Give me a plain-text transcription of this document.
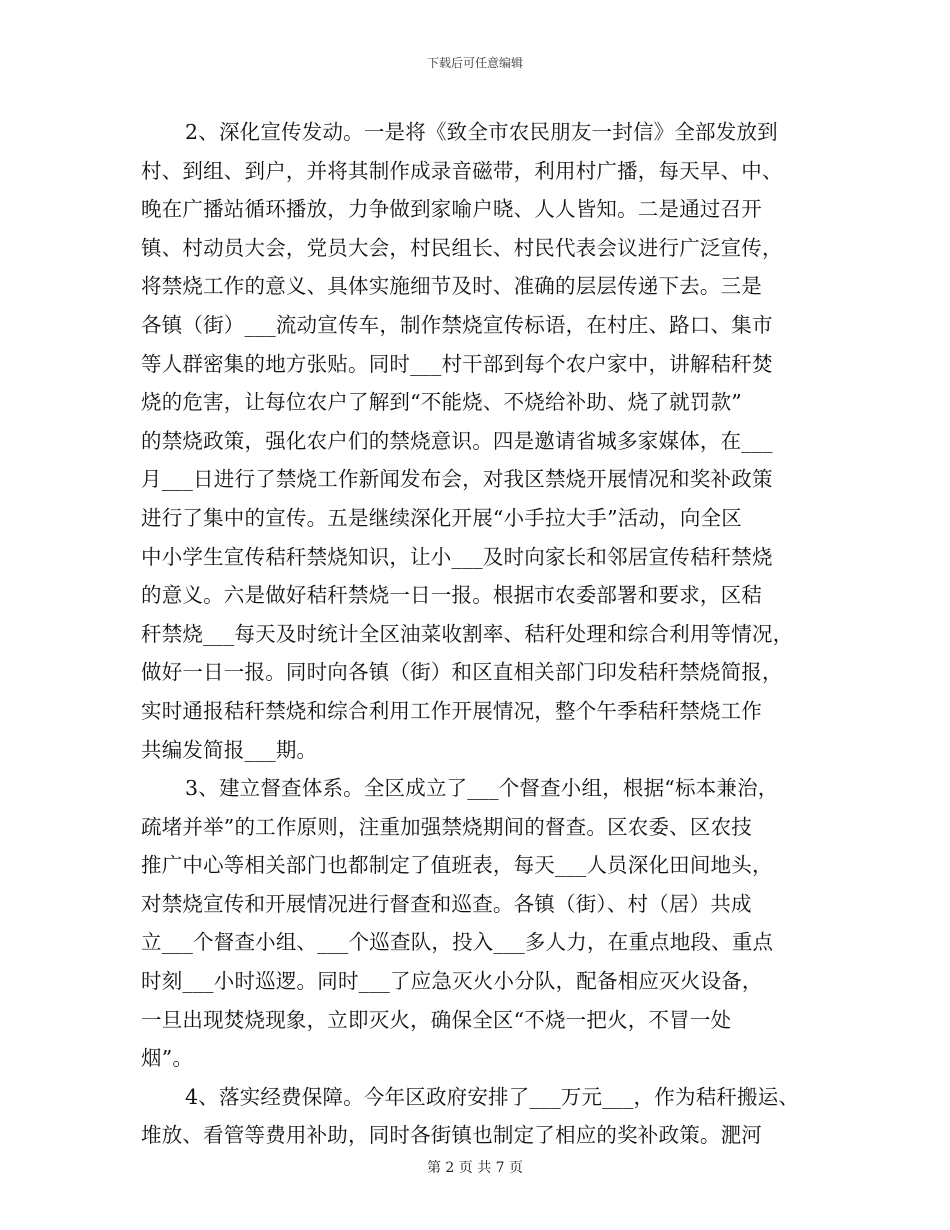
下载后可任意编辑
2、深化宣传发动。一是将《致全市农民朋友一封信》全部发放到
村、到组、到户，并将其制作成录音磁带，利用村广播，每天早、中、
晚在广播站循环播放，力争做到家喻户晓、人人皆知。二是通过召开
镇、村动员大会，党员大会，村民组长、村民代表会议进行广泛宣传，
将禁烧工作的意义、具体实施细节及时、准确的层层传递下去。三是
各镇（街）___流动宣传车，制作禁烧宣传标语，在村庄、路口、集市
等人群密集的地方张贴。同时___村干部到每个农户家中，讲解秸秆焚
烧的危害，让每位农户了解到“不能烧、不烧给补助、烧了就罚款”
的禁烧政策，强化农户们的禁烧意识。四是邀请省城多家媒体，在___
月___日进行了禁烧工作新闻发布会，对我区禁烧开展情况和奖补政策
进行了集中的宣传。五是继续深化开展“小手拉大手”活动，向全区
中小学生宣传秸秆禁烧知识，让小___及时向家长和邻居宣传秸秆禁烧
的意义。六是做好秸秆禁烧一日一报。根据市农委部署和要求，区秸
秆禁烧___每天及时统计全区油菜收割率、秸秆处理和综合利用等情况，
做好一日一报。同时向各镇（街）和区直相关部门印发秸秆禁烧简报，
实时通报秸秆禁烧和综合利用工作开展情况，整个午季秸秆禁烧工作
共编发简报___期。
3、建立督查体系。全区成立了___个督查小组，根据“标本兼治，
疏堵并举”的工作原则，注重加强禁烧期间的督查。区农委、区农技
推广中心等相关部门也都制定了值班表，每天___人员深化田间地头，
对禁烧宣传和开展情况进行督查和巡查。各镇（街）、村（居）共成
立___个督查小组、___个巡查队，投入___多人力，在重点地段、重点
时刻___小时巡逻。同时___了应急灭火小分队，配备相应灭火设备，
一旦出现焚烧现象，立即灭火，确保全区“不烧一把火，不冒一处
烟”。
4、落实经费保障。今年区政府安排了___万元___，作为秸秆搬运、
堆放、看管等费用补助，同时各街镇也制定了相应的奖补政策。淝河
第 2 页 共 7 页
